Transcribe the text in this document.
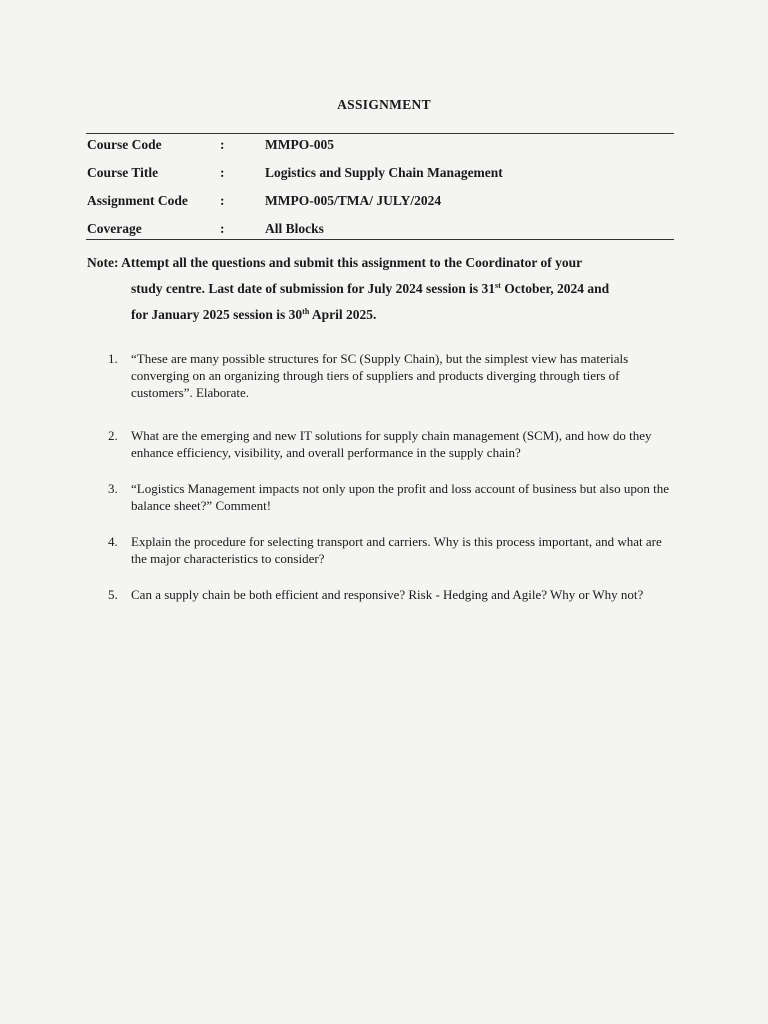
ASSIGNMENT
Course Code	:	MMPO-005
Course Title	:	Logistics and Supply Chain Management
Assignment Code :	MMPO-005/TMA/ JULY/2024
Coverage	:	All Blocks
Note: Attempt all the questions and submit this assignment to the Coordinator of your
study centre. Last date of submission for July 2024 session is 31st October, 2024 and
for January 2025 session is 30th April 2025.
1.	“These are many possible structures for SC (Supply Chain), but the simplest view has materials converging on an organizing through tiers of suppliers and products diverging through tiers of customers”. Elaborate.
2.	What are the emerging and new IT solutions for supply chain management (SCM), and how do they enhance efficiency, visibility, and overall performance in the supply chain?
3.	“Logistics Management impacts not only upon the profit and loss account of business but also upon the balance sheet?” Comment!
4.	Explain the procedure for selecting transport and carriers. Why is this process important, and what are the major characteristics to consider?
5.	Can a supply chain be both efficient and responsive? Risk - Hedging and Agile? Why or Why not?
